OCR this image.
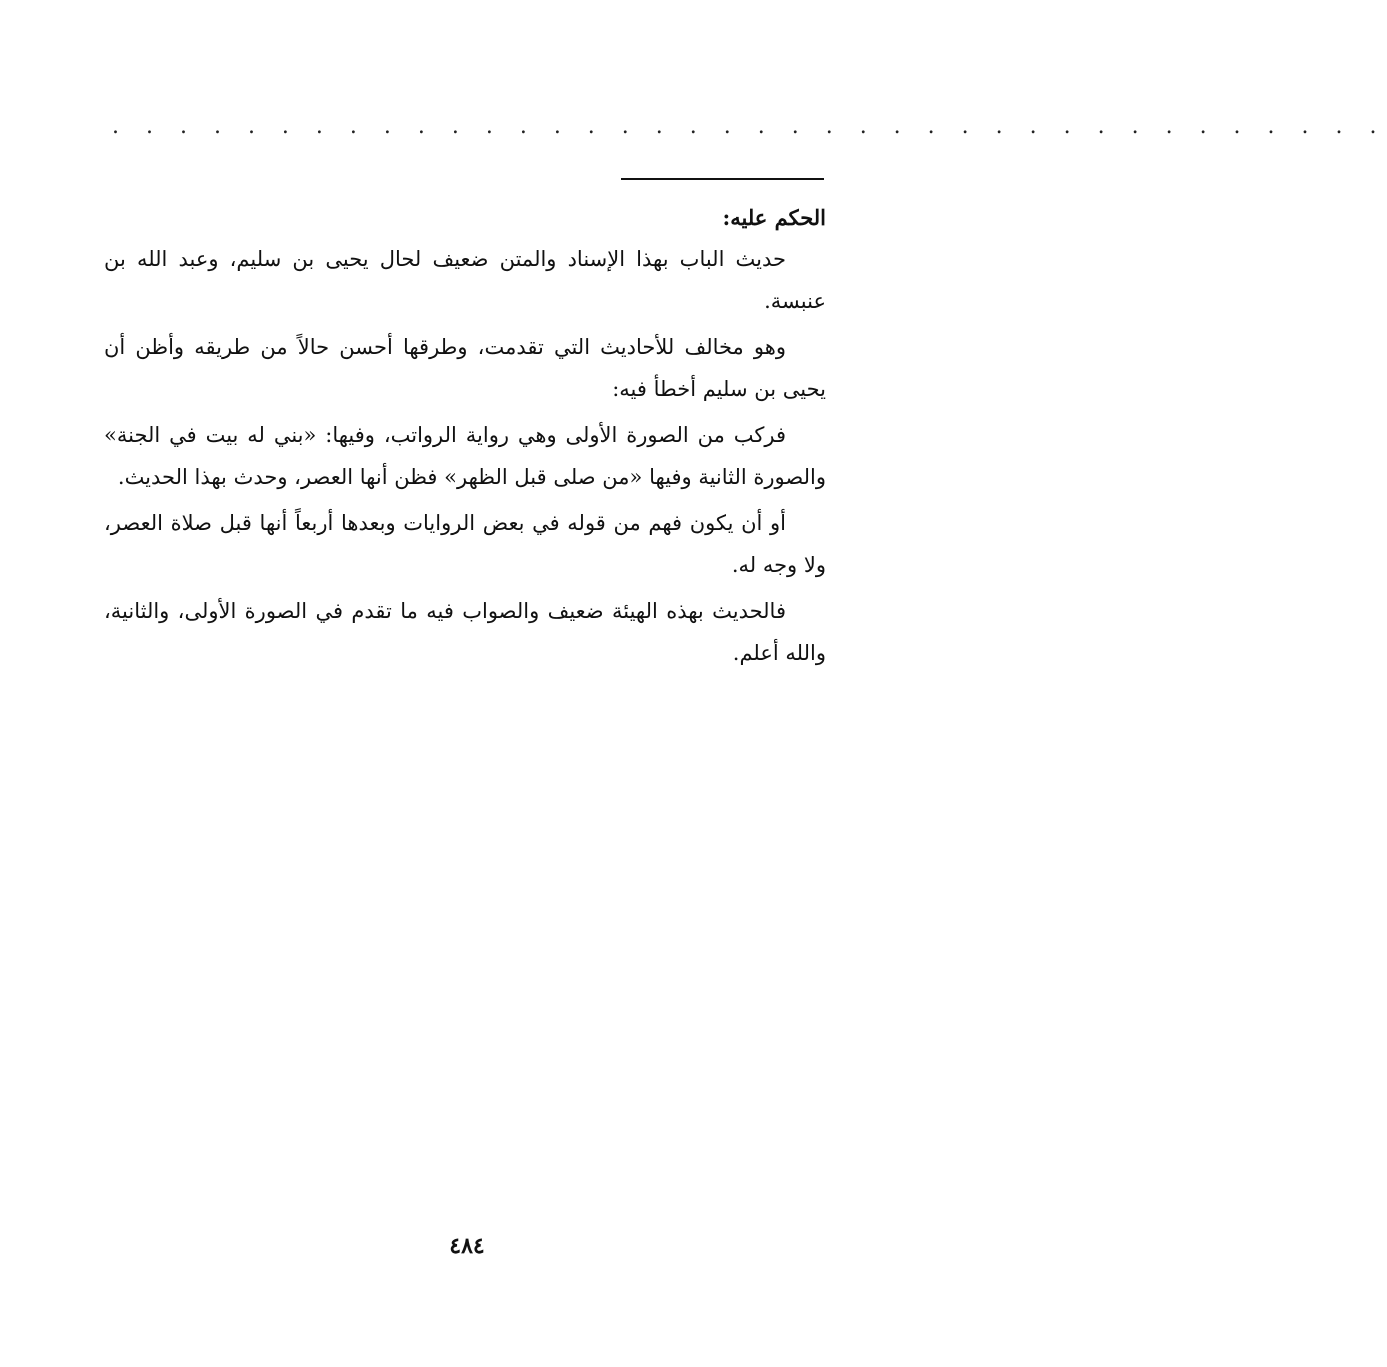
. . . . . . . . . . . . . . . . . . . . . . . . . . . . . . . . . . . . . .
الحكم عليه:

حديث الباب بهذا الإسناد والمتن ضعيف لحال يحيى بن سليم، وعبد الله بن عنبسة.

وهو مخالف للأحاديث التي تقدمت، وطرقها أحسن حالاً من طريقه وأظن أن يحيى بن سليم أخطأ فيه:

فركب من الصورة الأولى وهي رواية الرواتب، وفيها: «بني له بيت في الجنة» والصورة الثانية وفيها «من صلى قبل الظهر» فظن أنها العصر، وحدث بهذا الحديث.

أو أن يكون فهم من قوله في بعض الروايات وبعدها أربعاً أنها قبل صلاة العصر، ولا وجه له.

فالحديث بهذه الهيئة ضعيف والصواب فيه ما تقدم في الصورة الأولى، والثانية، والله أعلم.

٤٨٤
